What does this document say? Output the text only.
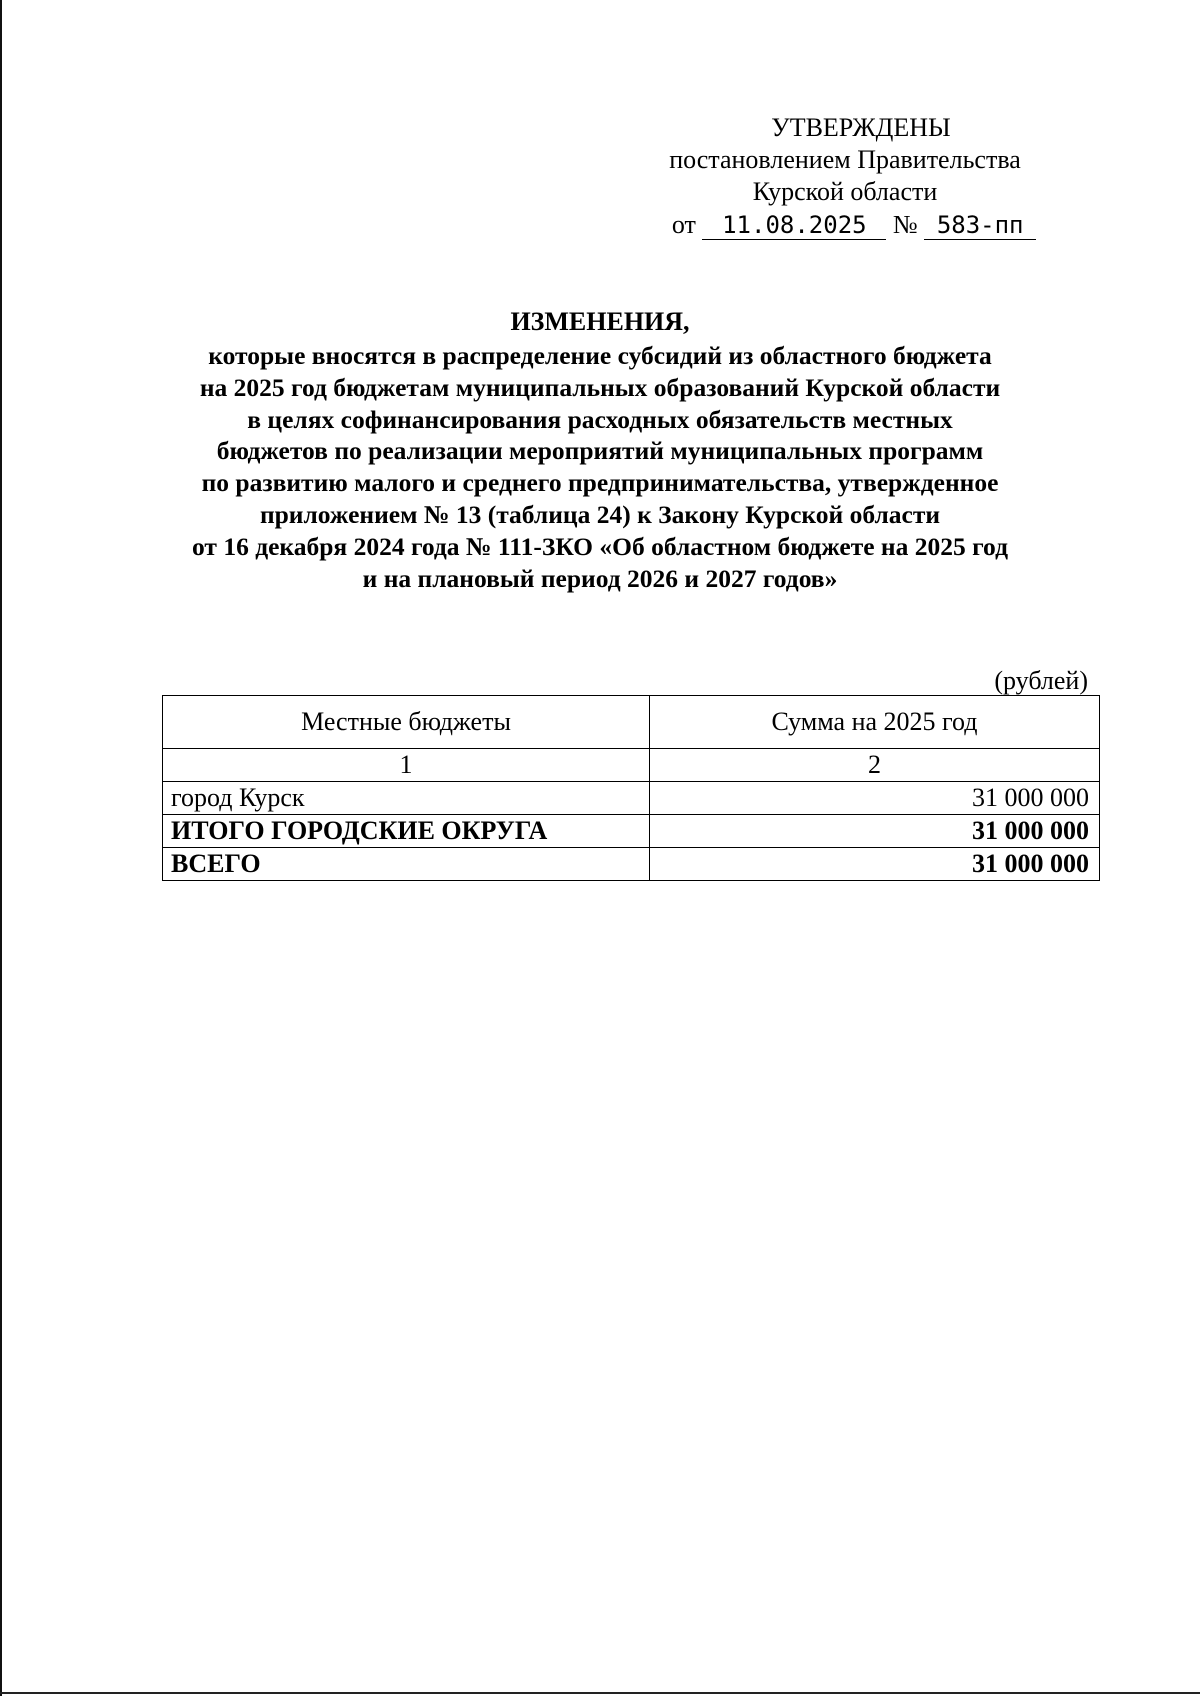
УТВЕРЖДЕНЫ
постановлением Правительства
Курской области
от 11.08.2025 № 583-пп
ИЗМЕНЕНИЯ,
которые вносятся в распределение субсидий из областного бюджета
на 2025 год бюджетам муниципальных образований Курской области
в целях софинансирования расходных обязательств местных
бюджетов по реализации мероприятий муниципальных программ
по развитию малого и среднего предпринимательства, утвержденное
приложением № 13 (таблица 24) к Закону Курской области
от 16 декабря 2024 года № 111-ЗКО «Об областном бюджете на 2025 год
и на плановый период 2026 и 2027 годов»
(рублей)
Местные бюджеты	Сумма на 2025 год
1	2
город Курск	31 000 000
ИТОГО ГОРОДСКИЕ ОКРУГА	31 000 000
ВСЕГО	31 000 000
